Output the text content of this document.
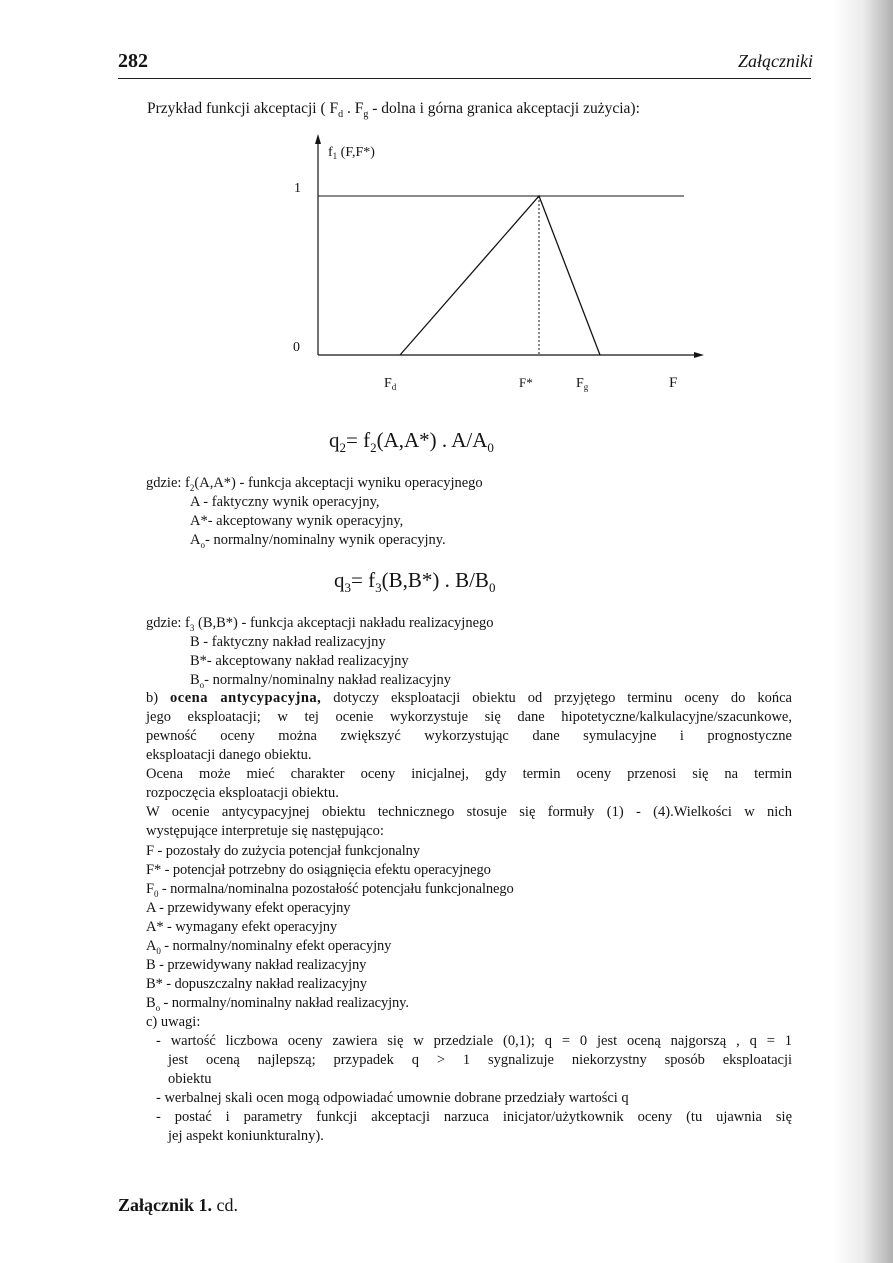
282	Załączniki
Przykład funkcji akceptacji ( $F_d$ . $F_g$ - dolna i górna granica akceptacji zużycia):
$f_1$ (F,F*)
1
0
$F_d$	F*	$F_g$	F
$q_2= f_2(A,A*)$ . $A/A_0$
gdzie: $f_2(A,A*)$ - funkcja akceptacji wyniku operacyjnego
A - faktyczny wynik operacyjny,
A*- akceptowany wynik operacyjny,
$A_o-$ normalny/nominalny wynik operacyjny.
$q_3= f_3(B,B*)$ . $B/B_0$
gdzie: $f_3$ (B,B*) - funkcja akceptacji nakładu realizacyjnego
B - faktyczny nakład realizacyjny
B*- akceptowany nakład realizacyjny
$B_o-$ normalny/nominalny nakład realizacyjny
b) ocena antycypacyjna, dotyczy eksploatacji obiektu od przyjętego terminu oceny do końca
jego eksploatacji; w tej ocenie wykorzystuje się dane hipotetyczne/kalkulacyjne/szacunkowe,
pewność oceny można zwiększyć wykorzystując dane symulacyjne i prognostyczne
eksploatacji danego obiektu.
Ocena może mieć charakter oceny inicjalnej, gdy termin oceny przenosi się na termin
rozpoczęcia eksploatacji obiektu.
W ocenie antycypacyjnej obiektu technicznego stosuje się formuły (1) - (4).Wielkości w nich
występujące interpretuje się następująco:
F - pozostały do zużycia potencjał funkcjonalny
F* - potencjał potrzebny do osiągnięcia efektu operacyjnego
$F_0$ - normalna/nominalna pozostałość potencjału funkcjonalnego
A - przewidywany efekt operacyjny
A* - wymagany efekt operacyjny
$A_0$ - normalny/nominalny efekt operacyjny
B - przewidywany nakład realizacyjny
B* - dopuszczalny nakład realizacyjny
$B_o$ - normalny/nominalny nakład realizacyjny.
c) uwagi:
- wartość liczbowa oceny zawiera się w przedziale (0,1); q = 0 jest oceną najgorszą , q = 1
jest oceną najlepszą; przypadek q > 1 sygnalizuje niekorzystny sposób eksploatacji
obiektu
- werbalnej skali ocen mogą odpowiadać umownie dobrane przedziały wartości q
- postać i parametry funkcji akceptacji narzuca inicjator/użytkownik oceny (tu ujawnia się
jej aspekt koniunkturalny).
Załącznik 1. cd.
